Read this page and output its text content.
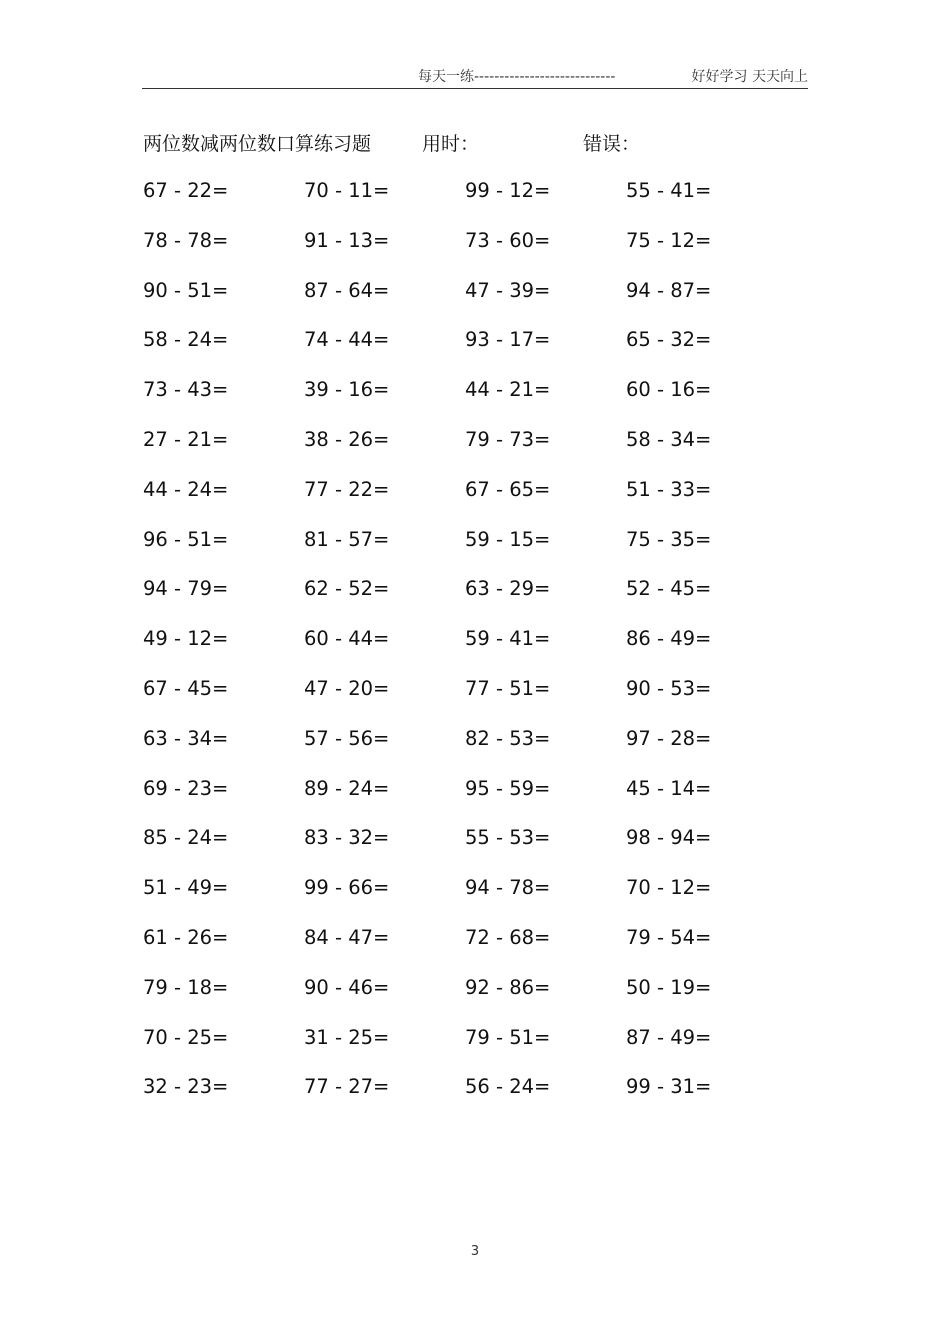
每天一练----------------------------	好好学习 天天向上
两位数减两位数口算练习题	用时：	错误：
67 - 22=	70 - 11=	99 - 12=	55 - 41=
78 - 78=	91 - 13=	73 - 60=	75 - 12=
90 - 51=	87 - 64=	47 - 39=	94 - 87=
58 - 24=	74 - 44=	93 - 17=	65 - 32=
73 - 43=	39 - 16=	44 - 21=	60 - 16=
27 - 21=	38 - 26=	79 - 73=	58 - 34=
44 - 24=	77 - 22=	67 - 65=	51 - 33=
96 - 51=	81 - 57=	59 - 15=	75 - 35=
94 - 79=	62 - 52=	63 - 29=	52 - 45=
49 - 12=	60 - 44=	59 - 41=	86 - 49=
67 - 45=	47 - 20=	77 - 51=	90 - 53=
63 - 34=	57 - 56=	82 - 53=	97 - 28=
69 - 23=	89 - 24=	95 - 59=	45 - 14=
85 - 24=	83 - 32=	55 - 53=	98 - 94=
51 - 49=	99 - 66=	94 - 78=	70 - 12=
61 - 26=	84 - 47=	72 - 68=	79 - 54=
79 - 18=	90 - 46=	92 - 86=	50 - 19=
70 - 25=	31 - 25=	79 - 51=	87 - 49=
32 - 23=	77 - 27=	56 - 24=	99 - 31=
3
